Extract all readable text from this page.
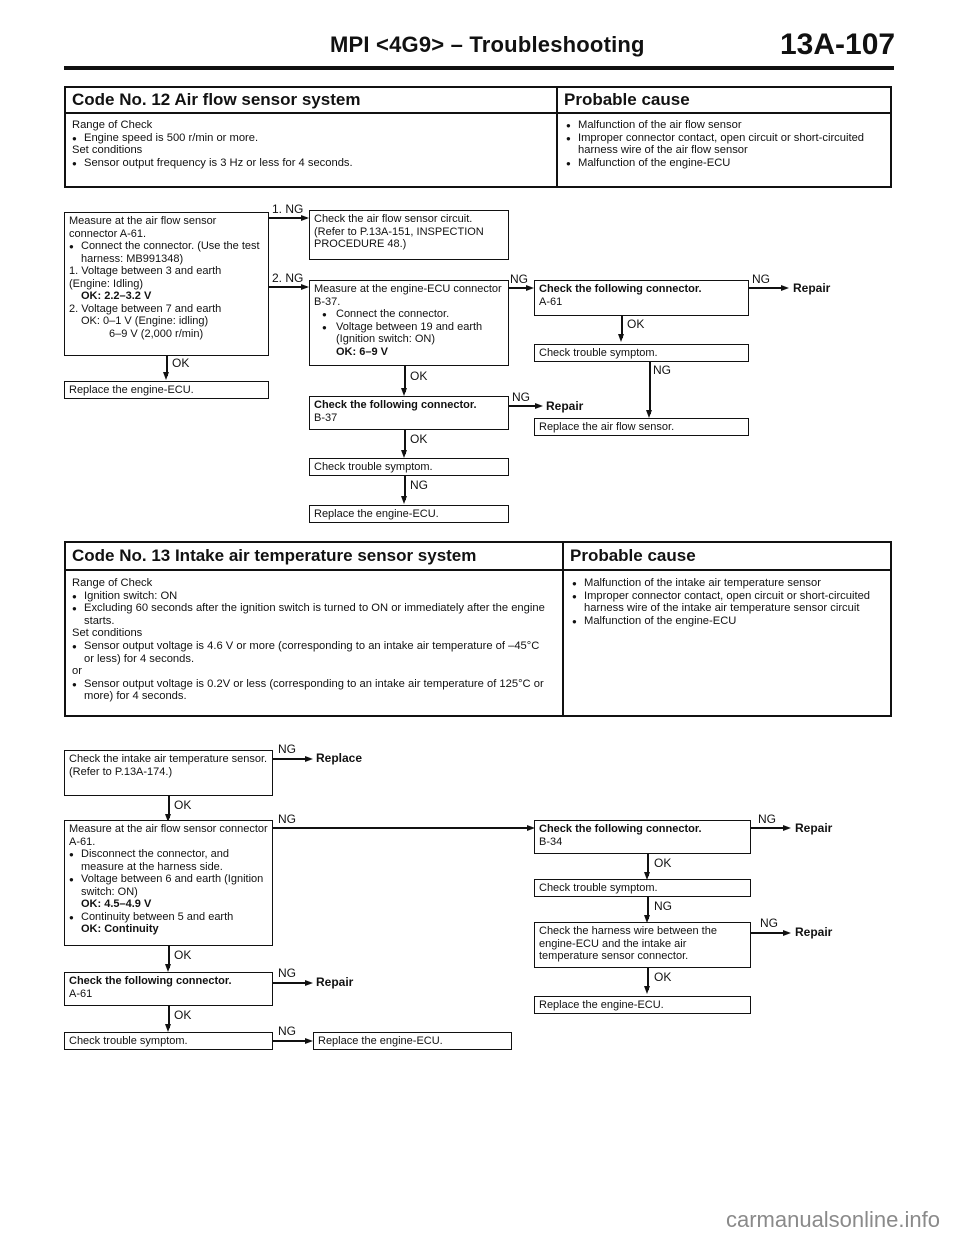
MPI <4G9> – Troubleshooting	13A-107
Code No. 12 Air flow sensor system	Probable cause
Range of Check
● Engine speed is 500 r/min or more.
Set conditions
● Sensor output frequency is 3 Hz or less for 4 seconds.
● Malfunction of the air flow sensor
● Improper connector contact, open circuit or short-circuited harness wire of the air flow sensor
● Malfunction of the engine-ECU
Measure at the air flow sensor connector A-61.
● Connect the connector. (Use the test harness: MB991348)
1. Voltage between 3 and earth (Engine: Idling)
OK: 2.2–3.2 V
2. Voltage between 7 and earth
OK: 0–1 V (Engine: idling)
6–9 V (2,000 r/min)
1. NG
Check the air flow sensor circuit. (Refer to P.13A-151, INSPECTION PROCEDURE 48.)
2. NG
OK
Replace the engine-ECU.
Measure at the engine-ECU connector B-37.
● Connect the connector.
● Voltage between 19 and earth (Ignition switch: ON)
OK: 6–9 V
NG
Check the following connector.
A-61
NG
Repair
OK
Check trouble symptom.
NG
Replace the air flow sensor.
OK
Check the following connector.
B-37
NG
Repair
OK
Check trouble symptom.
NG
Replace the engine-ECU.
Code No. 13 Intake air temperature sensor system	Probable cause
Range of Check
● Ignition switch: ON
● Excluding 60 seconds after the ignition switch is turned to ON or immediately after the engine starts.
Set conditions
● Sensor output voltage is 4.6 V or more (corresponding to an intake air temperature of –45°C or less) for 4 seconds.
or
● Sensor output voltage is 0.2V or less (corresponding to an intake air temperature of 125°C or more) for 4 seconds.
● Malfunction of the intake air temperature sensor
● Improper connector contact, open circuit or short-circuited harness wire of the intake air temperature sensor circuit
● Malfunction of the engine-ECU
Check the intake air temperature sensor. (Refer to P.13A-174.)
NG
Replace
OK
Measure at the air flow sensor connector A-61.
● Disconnect the connector, and measure at the harness side.
● Voltage between 6 and earth (Ignition switch: ON)
OK: 4.5–4.9 V
● Continuity between 5 and earth
OK: Continuity
NG
Check the following connector.
B-34
NG
Repair
OK
Check trouble symptom.
NG
Check the harness wire between the engine-ECU and the intake air temperature sensor connector.
NG
Repair
OK
Replace the engine-ECU.
OK
Check the following connector.
A-61
NG
Repair
OK
Check trouble symptom.
NG
Replace the engine-ECU.
carmanualsonline.info
